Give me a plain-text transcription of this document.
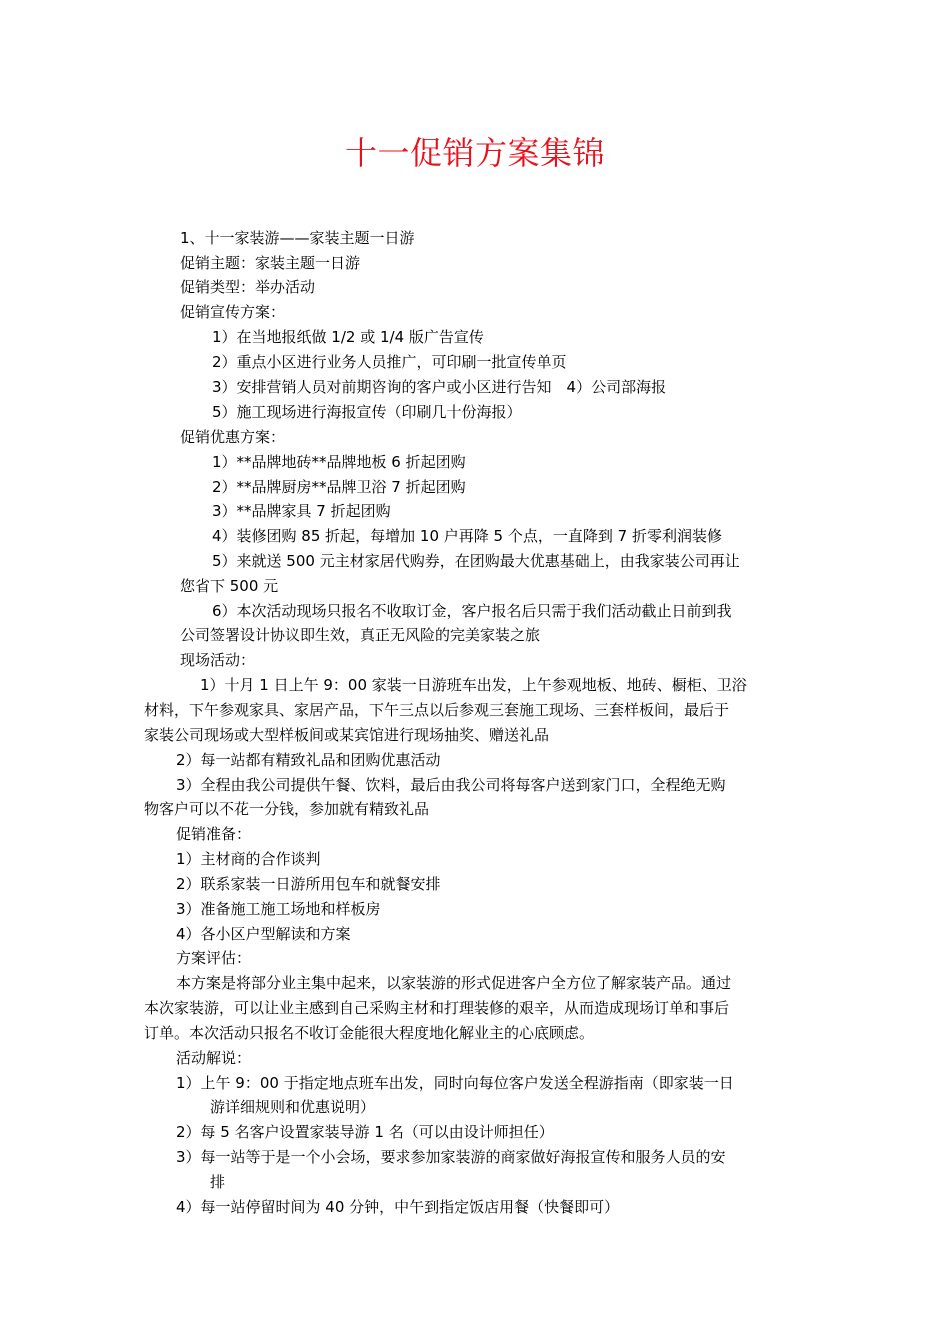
十一促销方案集锦
1、十一家装游——家装主题一日游
促销主题：家装主题一日游
促销类型：举办活动
促销宣传方案：
1）在当地报纸做 1/2 或 1/4 版广告宣传
2）重点小区进行业务人员推广，可印刷一批宣传单页
3）安排营销人员对前期咨询的客户或小区进行告知　4）公司部海报
5）施工现场进行海报宣传（印刷几十份海报）
促销优惠方案：
1）**品牌地砖**品牌地板 6 折起团购
2）**品牌厨房**品牌卫浴 7 折起团购
3）**品牌家具 7 折起团购
4）装修团购 85 折起，每增加 10 户再降 5 个点，一直降到 7 折零利润装修
5）来就送 500 元主材家居代购券，在团购最大优惠基础上，由我家装公司再让
您省下 500 元
6）本次活动现场只报名不收取订金，客户报名后只需于我们活动截止日前到我
公司签署设计协议即生效，真正无风险的完美家装之旅
现场活动：
1）十月 1 日上午 9：00 家装一日游班车出发，上午参观地板、地砖、橱柜、卫浴
材料，下午参观家具、家居产品，下午三点以后参观三套施工现场、三套样板间，最后于
家装公司现场或大型样板间或某宾馆进行现场抽奖、赠送礼品
2）每一站都有精致礼品和团购优惠活动
3）全程由我公司提供午餐、饮料，最后由我公司将每客户送到家门口，全程绝无购
物客户可以不花一分钱，参加就有精致礼品
促销准备：
1）主材商的合作谈判
2）联系家装一日游所用包车和就餐安排
3）准备施工施工场地和样板房
4）各小区户型解读和方案
方案评估：
本方案是将部分业主集中起来，以家装游的形式促进客户全方位了解家装产品。通过
本次家装游，可以让业主感到自己采购主材和打理装修的艰辛，从而造成现场订单和事后
订单。本次活动只报名不收订金能很大程度地化解业主的心底顾虑。
活动解说：
1）上午 9：00 于指定地点班车出发，同时向每位客户发送全程游指南（即家装一日
游详细规则和优惠说明）
2）每 5 名客户设置家装导游 1 名（可以由设计师担任）
3）每一站等于是一个小会场，要求参加家装游的商家做好海报宣传和服务人员的安
排
4）每一站停留时间为 40 分钟，中午到指定饭店用餐（快餐即可）
